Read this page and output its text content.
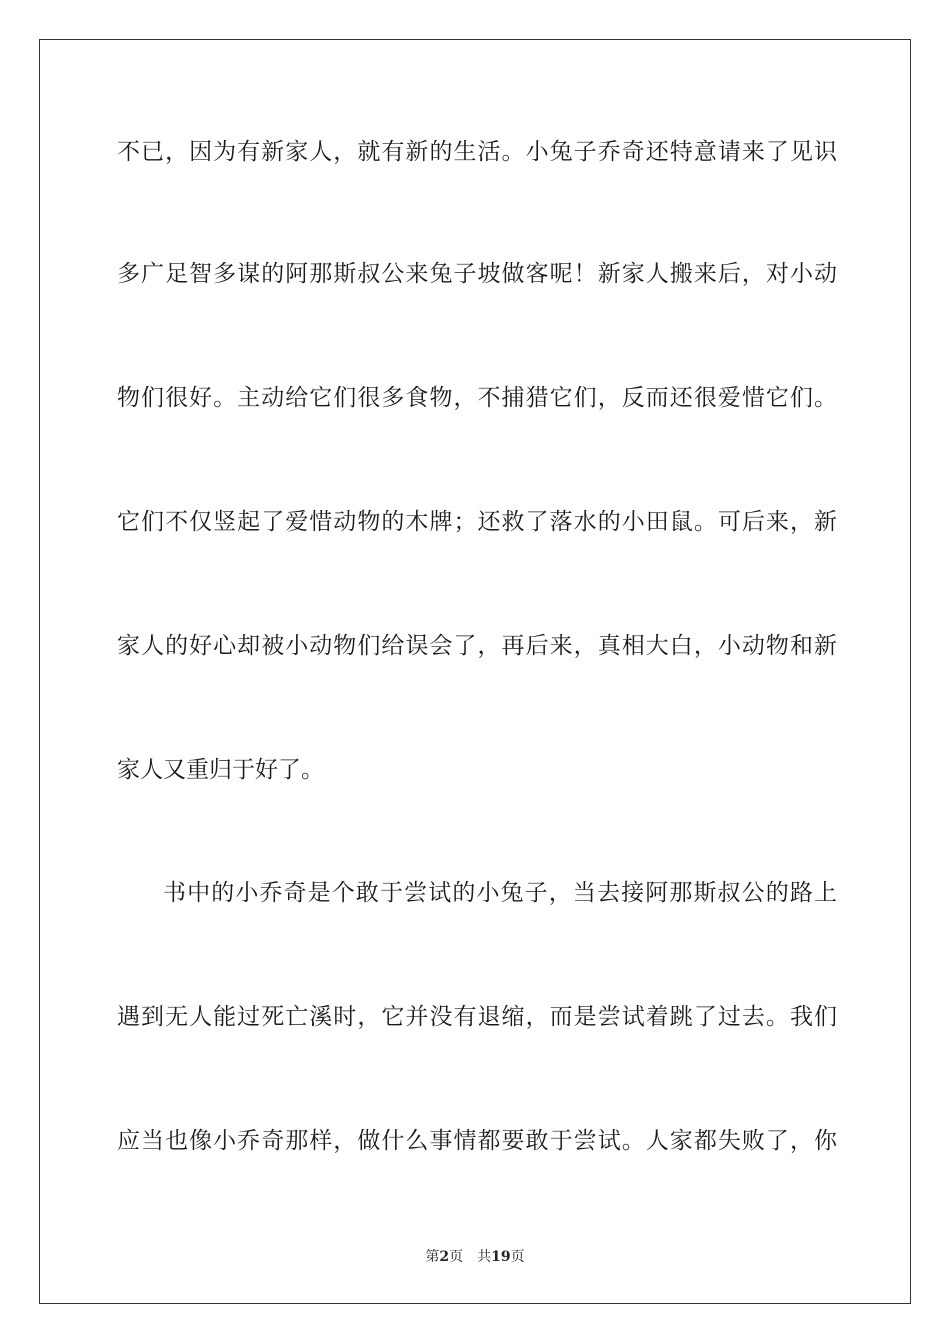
不已，因为有新家人，就有新的生活。小兔子乔奇还特意请来了见识
多广足智多谋的阿那斯叔公来兔子坡做客呢！新家人搬来后，对小动
物们很好。主动给它们很多食物，不捕猎它们，反而还很爱惜它们。
它们不仅竖起了爱惜动物的木牌；还救了落水的小田鼠。可后来，新
家人的好心却被小动物们给误会了，再后来，真相大白，小动物和新
家人又重归于好了。
书中的小乔奇是个敢于尝试的小兔子，当去接阿那斯叔公的路上
遇到无人能过死亡溪时，它并没有退缩，而是尝试着跳了过去。我们
应当也像小乔奇那样，做什么事情都要敢于尝试。人家都失败了，你
第2页 共19页
